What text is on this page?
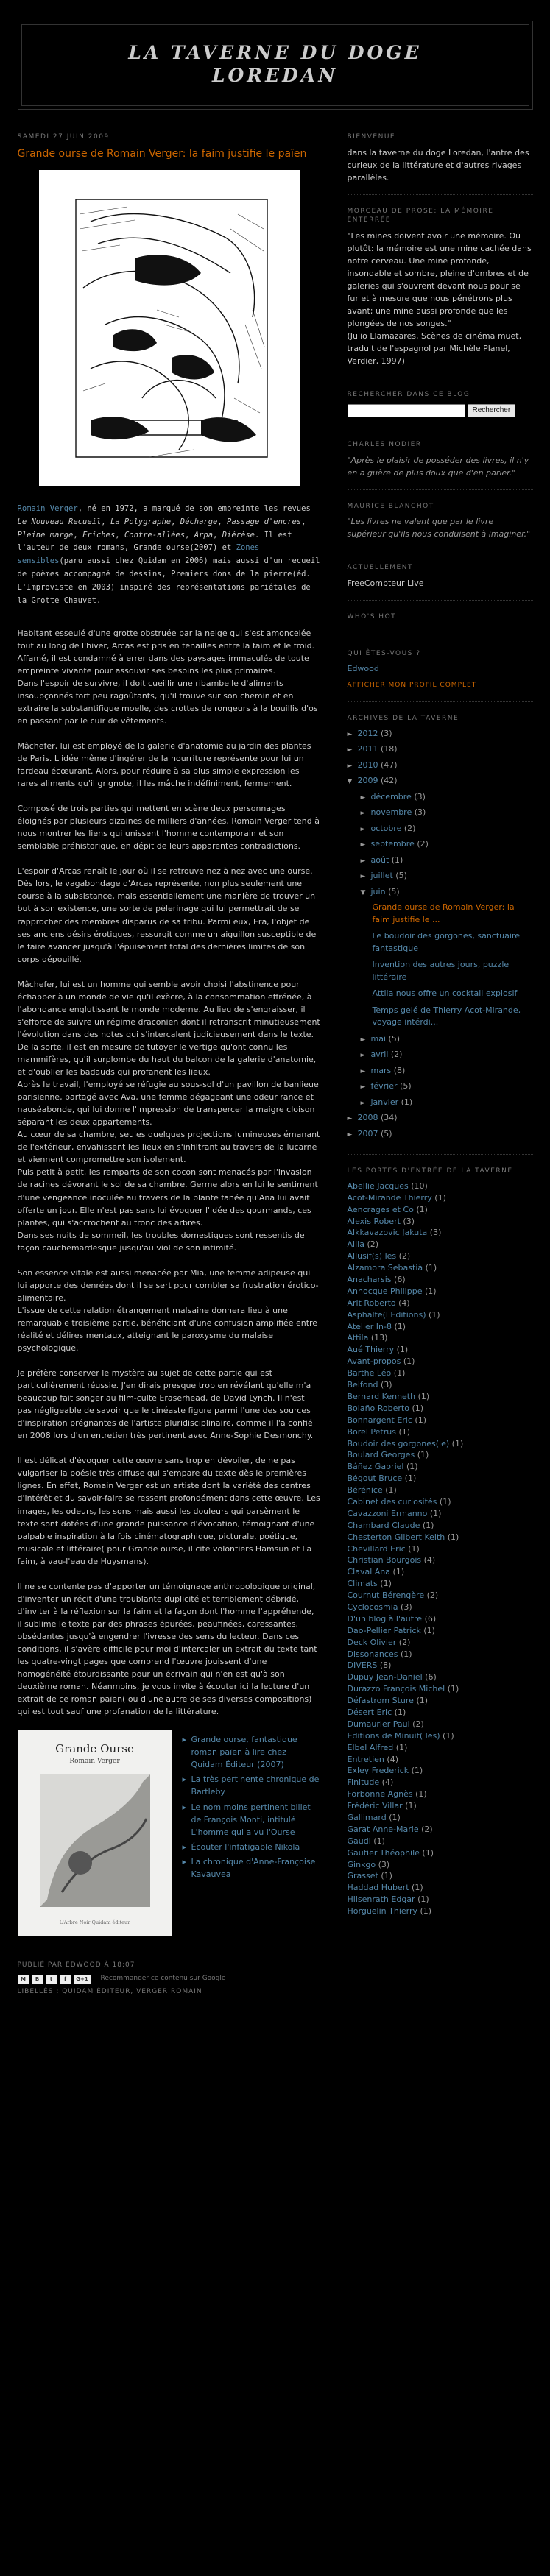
LA TAVERNE DU DOGE
LOREDAN
SAMEDI 27 JUIN 2009
Grande ourse de Romain Verger: la faim justifie le païen
Romain Verger, né en 1972, a marqué de son empreinte les revues Le Nouveau Recueil, La Polygraphe, Décharge, Passage d'encres, Pleine marge, Friches, Contre-allées, Arpa, Diérèse. Il est l'auteur de deux romans, Grande ourse(2007) et Zones sensibles(paru aussi chez Quidam en 2006) mais aussi d'un recueil de poèmes accompagné de dessins, Premiers dons de la pierre(éd. L'Improviste en 2003) inspiré des représentations pariétales de la Grotte Chauvet.

Habitant esseulé d'une grotte obstruée par la neige qui s'est amoncelée tout au long de l'hiver, Arcas est pris en tenailles entre la faim et le froid. Affamé, il est condamné à errer dans des paysages immaculés de toute empreinte vivante pour assouvir ses besoins les plus primaires.
Dans l'espoir de survivre, il doit cueillir une ribambelle d'aliments insoupçonnés fort peu ragoûtants, qu'il trouve sur son chemin et en extraire la substantifique moelle, des crottes de rongeurs à la bouillis d'os en passant par le cuir de vêtements.

Mâchefer, lui est employé de la galerie d'anatomie au jardin des plantes de Paris. L'idée même d'ingérer de la nourriture représente pour lui un fardeau écœurant. Alors, pour réduire à sa plus simple expression les rares aliments qu'il grignote, il les mâche indéfiniment, fermement.

Composé de trois parties qui mettent en scène deux personnages éloignés par plusieurs dizaines de milliers d'années, Romain Verger tend à nous montrer les liens qui unissent l'homme contemporain et son semblable préhistorique, en dépit de leurs apparentes contradictions.

L'espoir d'Arcas renaît le jour où il se retrouve nez à nez avec une ourse.
Dès lors, le vagabondage d'Arcas représente, non plus seulement une course à la subsistance, mais essentiellement une manière de trouver un but à son existence, une sorte de pèlerinage qui lui permettrait de se rapprocher des membres disparus de sa tribu. Parmi eux, Era, l'objet de ses anciens désirs érotiques, ressurgit comme un aiguillon susceptible de le faire avancer jusqu'à l'épuisement total des dernières limites de son corps dépouillé.

Mâchefer, lui est un homme qui semble avoir choisi l'abstinence pour échapper à un monde de vie qu'il exècre, à la consommation effrénée, à l'abondance englutissant le monde moderne. Au lieu de s'engraisser, il s'efforce de suivre un régime draconien dont il retranscrit minutieusement l'évolution dans des notes qui s'intercalent judicieusement dans le texte. De la sorte, il est en mesure de tutoyer le vertige qu'ont connu les mammifères, qu'il surplombe du haut du balcon de la galerie d'anatomie, et d'oublier les badauds qui profanent les lieux.
Après le travail, l'employé se réfugie au sous-sol d'un pavillon de banlieue parisienne, partagé avec Ava, une femme dégageant une odeur rance et nauséabonde, qui lui donne l'impression de transpercer la maigre cloison séparant les deux appartements.
Au cœur de sa chambre, seules quelques projections lumineuses émanant de l'extérieur, envahissent les lieux en s'infiltrant au travers de la lucarne et viennent compromettre son isolement.
Puis petit à petit, les remparts de son cocon sont menacés par l'invasion de racines dévorant le sol de sa chambre. Germe alors en lui le sentiment d'une vengeance inoculée au travers de la plante fanée qu'Ana lui avait offerte un jour. Elle n'est pas sans lui évoquer l'idée des gourmands, ces plantes, qui s'accrochent au tronc des arbres.
Dans ses nuits de sommeil, les troubles domestiques sont ressentis de façon cauchemardesque jusqu'au viol de son intimité.

Son essence vitale est aussi menacée par Mia, une femme adipeuse qui lui apporte des denrées dont il se sert pour combler sa frustration érotico-alimentaire.
L'issue de cette relation étrangement malsaine donnera lieu à une remarquable troisième partie, bénéficiant d'une confusion amplifiée entre réalité et délires mentaux, atteignant le paroxysme du malaise psychologique.

Je préfère conserver le mystère au sujet de cette partie qui est particulièrement réussie. J'en dirais presque trop en révélant qu'elle m'a beaucoup fait songer au film-culte Eraserhead, de David Lynch. Il n'est pas négligeable de savoir que le cinéaste figure parmi l'une des sources d'inspiration prégnantes de l'artiste pluridisciplinaire, comme il l'a confié en 2008 lors d'un entretien très pertinent avec Anne-Sophie Desmonchy.

Il est délicat d'évoquer cette œuvre sans trop en dévoiler, de ne pas vulgariser la poésie très diffuse qui s'empare du texte dès le premières lignes. En effet, Romain Verger est un artiste dont la variété des centres d'intérêt et du savoir-faire se ressent profondément dans cette œuvre. Les images, les odeurs, les sons mais aussi les douleurs qui parsèment le texte sont dotées d'une grande puissance d'évocation, témoignant d'une palpable inspiration à la fois cinématographique, picturale, poétique, musicale et littéraire( pour Grande ourse, il cite volontiers Hamsun et La faim, à vau-l'eau de Huysmans).

Il ne se contente pas d'apporter un témoignage anthropologique original, d'inventer un récit d'une troublante duplicité et terriblement débridé, d'inviter à la réflexion sur la faim et la façon dont l'homme l'appréhende, il sublime le texte par des phrases épurées, peaufinées, caressantes, obsédantes jusqu'à engendrer l'ivresse des sens du lecteur. Dans ces conditions, il s'avère difficile pour moi d'intercaler un extrait du texte tant les quatre-vingt pages que comprend l'œuvre jouissent d'une homogénéité étourdissante pour un écrivain qui n'en est qu'à son deuxième roman. Néanmoins, je vous invite à écouter ici la lecture d'un extrait de ce roman païen( ou d'une autre de ses diverses compositions) qui est tout sauf une profanation de la littérature.

Grande Ourse
Romain Verger
L'Arbre Noir Quidam éditeur
▸ Grande ourse, fantastique roman païen à lire chez Quidam Éditeur (2007)
▸ La très pertinente chronique de Bartleby
▸ Le nom moins pertinent billet de François Monti, intitulé L'homme qui a vu l'Ourse
▸ Écouter l'infatigable Nikola
▸ La chronique d'Anne-Françoise Kavauvea
PUBLIÉ PAR EDWOOD À 18:07
M	B	t	f	G+1	Recommander ce contenu sur Google
LIBELLÉS : QUIDAM ÉDITEUR, VERGER ROMAIN
BIENVENUE

dans la taverne du doge Loredan, l'antre des curieux de la littérature et d'autres rivages parallèles.

MORCEAU DE PROSE: LA MÉMOIRE ENTERRÉE

"Les mines doivent avoir une mémoire. Ou plutôt: la mémoire est une mine cachée dans notre cerveau. Une mine profonde, insondable et sombre, pleine d'ombres et de galeries qui s'ouvrent devant nous pour se fur et à mesure que nous pénétrons plus avant; une mine aussi profonde que les plongées de nos songes."

(Julio Llamazares, Scènes de cinéma muet, traduit de l'espagnol par Michèle Planel, Verdier, 1997)

RECHERCHER DANS CE BLOG
Rechercher
CHARLES NODIER

"Après le plaisir de posséder des livres, il n'y en a guère de plus doux que d'en parler."

MAURICE BLANCHOT

"Les livres ne valent que par le livre supérieur qu'ils nous conduisent à imaginer."

ACTUELLEMENT

FreeCompteur Live

WHO'S HOT
QUI ÊTES-VOUS ?
Edwood
AFFICHER MON PROFIL COMPLET
ARCHIVES DE LA TAVERNE
► 2012 (3)
► 2011 (18)
► 2010 (47)
▼ 2009 (42)
► décembre (3)
► novembre (3)
► octobre (2)
► septembre (2)
► août (1)
► juillet (5)
▼ juin (5)
Grande ourse de Romain Verger: la faim justifie le ...
Le boudoir des gorgones, sanctuaire fantastique
Invention des autres jours, puzzle littéraire
Attila nous offre un cocktail explosif
Temps gelé de Thierry Acot-Mirande, voyage intérdi...
► mai (5)
► avril (2)
► mars (8)
► février (5)
► janvier (1)
► 2008 (34)
► 2007 (5)
LES PORTES D'ENTRÉE DE LA TAVERNE
Abellie Jacques (10)
Acot-Mirande Thierry (1)
Aencrages et Co (1)
Alexis Robert (3)
Alkkavazovic Jakuta (3)
Allia (2)
Allusif(s) les (2)
Alzamora Sebastià (1)
Anacharsis (6)
Annocque Philippe (1)
Arlt Roberto (4)
Asphalte(l Editions) (1)
Atelier In-8 (1)
Attila (13)
Aué Thierry (1)
Avant-propos (1)
Barthe Léo (1)
Belfond (3)
Bernard Kenneth (1)
Bolaño Roberto (1)
Bonnargent Eric (1)
Borel Petrus (1)
Boudoir des gorgones(le) (1)
Boulard Georges (1)
Báñez Gabriel (1)
Bégout Bruce (1)
Bérénice (1)
Cabinet des curiosités (1)
Cavazzoni Ermanno (1)
Chambard Claude (1)
Chesterton Gilbert Keith (1)
Chevillard Eric (1)
Christian Bourgois (4)
Claval Ana (1)
Climats (1)
Cournut Bérengère (2)
Cyclocosmia (3)
D'un blog à l'autre (6)
Dao-Pellier Patrick (1)
Deck Olivier (2)
Dissonances (1)
DIVERS (8)
Dupuy Jean-Daniel (6)
Durazzo François Michel (1)
Défastrom Sture (1)
Désert Eric (1)
Dumaurier Paul (2)
Editions de Minuit( les) (1)
Elbel Alfred (1)
Entretien (4)
Exley Frederick (1)
Finitude (4)
Forbonne Agnès (1)
Frédéric Villar (1)
Gallimard (1)
Garat Anne-Marie (2)
Gaudi (1)
Gautier Théophile (1)
Ginkgo (3)
Grasset (1)
Haddad Hubert (1)
Hilsenrath Edgar (1)
Horguelin Thierry (1)
